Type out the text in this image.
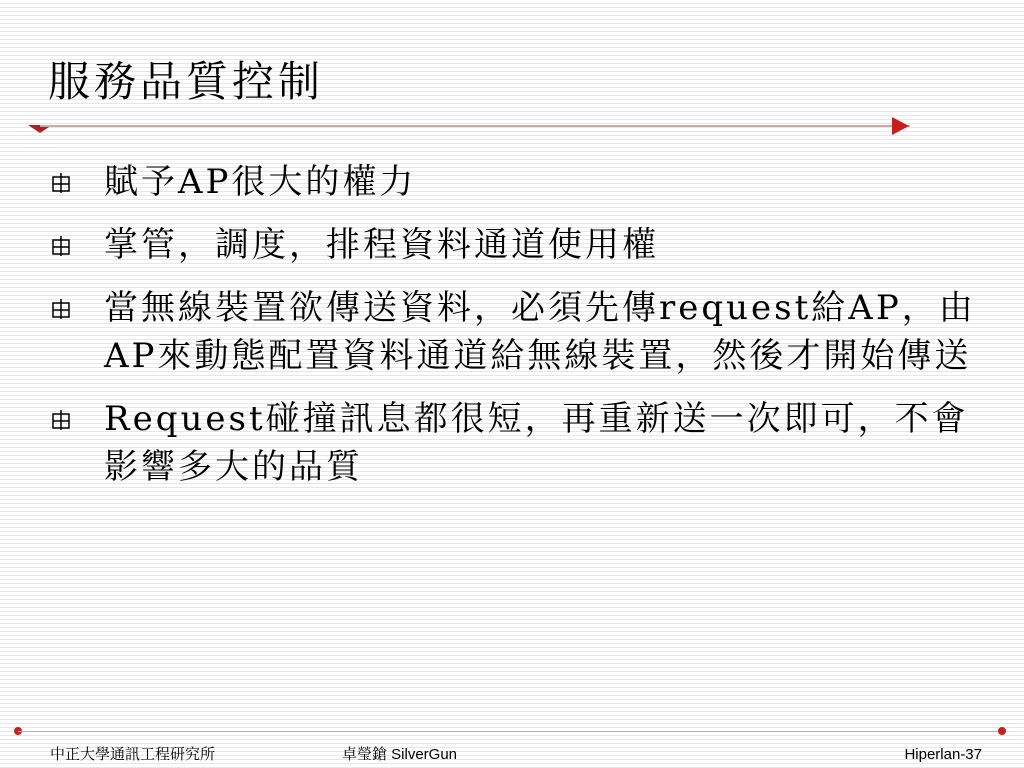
服務品質控制
賦予AP很大的權力
掌管，調度，排程資料通道使用權
當無線裝置欲傳送資料，必須先傳request給AP，由AP來動態配置資料通道給無線裝置，然後才開始傳送
Request碰撞訊息都很短，再重新送一次即可，不會影響多大的品質
中正大學通訊工程研究所	卓瑩鎗 SilverGun	Hiperlan-37
